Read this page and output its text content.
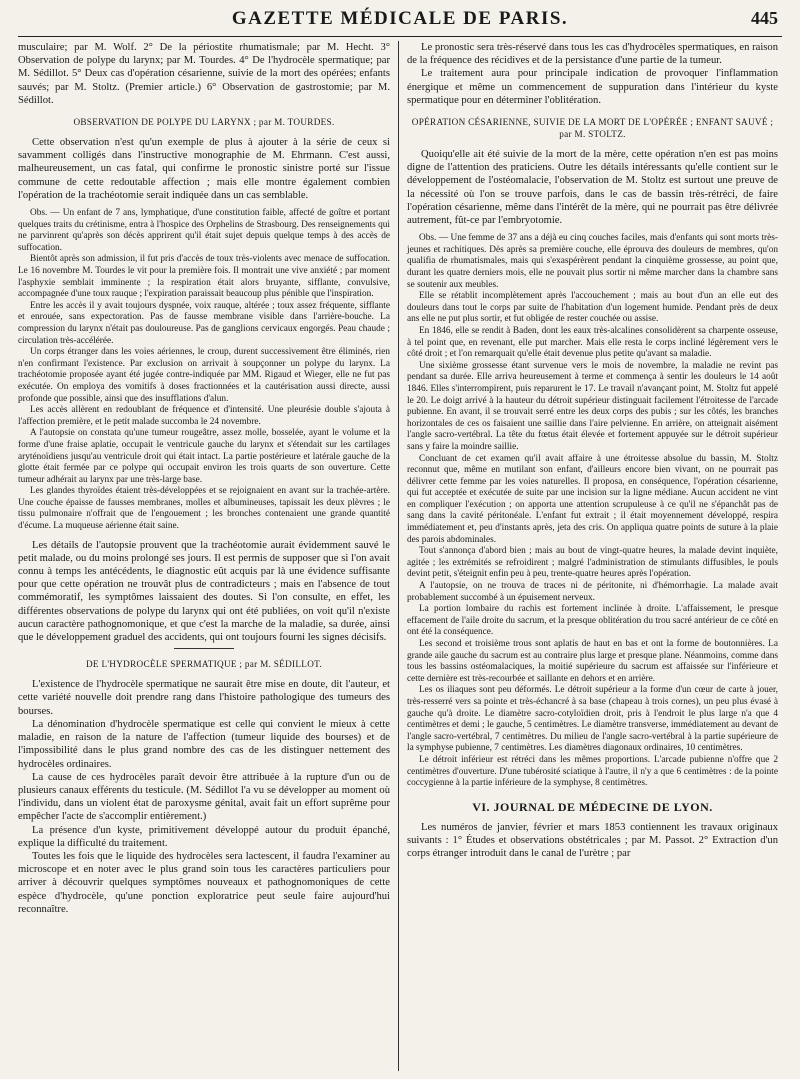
GAZETTE MÉDICALE DE PARIS.	445

musculaire; par M. Wolf. 2° De la périostite rhumatismale; par M. Hecht. 3° Observation de polype du larynx; par M. Tourdes. 4° De l'hydrocèle spermatique; par M. Sédillot. 5° Deux cas d'opération césarienne, suivie de la mort des opérées; enfants sauvés; par M. Stoltz. (Premier article.) 6° Observation de gastrostomie; par M. Sédillot.

OBSERVATION DE POLYPE DU LARYNX ; par M. TOURDES.

Cette observation n'est qu'un exemple de plus à ajouter à la série de ceux si savamment colligés dans l'instructive monographie de M. Ehrmann. C'est aussi, malheureusement, un cas fatal, qui confirme le pronostic sinistre porté sur l'issue commune de cette redoutable affection ; mais elle montre également combien l'opération de la trachéotomie serait indiquée dans un cas semblable.

Obs. — Un enfant de 7 ans, lymphatique, d'une constitution faible, affecté de goître et portant quelques traits du crétinisme, entra à l'hospice des Orphelins de Strasbourg. Des renseignements qui ne parvinrent qu'après son décès apprirent qu'il était sujet depuis quelque temps à des accès de suffocation.

Bientôt après son admission, il fut pris d'accès de toux très-violents avec menace de suffocation. Le 16 novembre M. Tourdes le vit pour la première fois. Il montrait une vive anxiété ; par moment l'asphyxie semblait imminente ; la respiration était alors bruyante, sifflante, convulsive, accompagnée d'une toux rauque ; l'expiration paraissait beaucoup plus pénible que l'inspiration.

Entre les accès il y avait toujours dyspnée, voix rauque, altérée ; toux assez fréquente, sifflante et enrouée, sans expectoration. Pas de fausse membrane visible dans l'arrière-bouche. La compression du larynx n'était pas douloureuse. Pas de ganglions cervicaux engorgés. Peau chaude ; circulation très-accélérée.

Un corps étranger dans les voies aériennes, le croup, durent successivement être éliminés, rien n'en confirmant l'existence. Par exclusion on arrivait à soupçonner un polype du larynx. La trachéotomie proposée ayant été jugée contre-indiquée par MM. Rigaud et Wieger, elle ne fut pas exécutée. On employa des vomitifs à doses fractionnées et la cautérisation aussi directe, aussi profonde que possible, ainsi que des insufflations d'alun.

Les accès allèrent en redoublant de fréquence et d'intensité. Une pleurésie double s'ajouta à l'affection première, et le petit malade succomba le 24 novembre.

A l'autopsie on constata qu'une tumeur rougeâtre, assez molle, bosselée, ayant le volume et la forme d'une fraise aplatie, occupait le ventricule gauche du larynx et s'étendait sur les cartilages aryténoïdiens jusqu'au ventricule droit qui était intact. La partie postérieure et latérale gauche de la glotte était fermée par ce polype qui occupait environ les trois quarts de son ouverture. Cette tumeur adhérait au larynx par une très-large base.

Les glandes thyroïdes étaient très-développées et se rejoignaient en avant sur la trachée-artère. Une couche épaisse de fausses membranes, molles et albumineuses, tapissait les deux plèvres ; le tissu pulmonaire n'offrait que de l'engouement ; les bronches contenaient une grande quantité d'écume. La muqueuse aérienne était saine.

Les détails de l'autopsie prouvent que la trachéotomie aurait évidemment sauvé le petit malade, ou du moins prolongé ses jours. Il est permis de supposer que si l'on avait connu à temps les antécédents, le diagnostic eût acquis par là une évidence suffisante pour que cette opération ne trouvât plus de contradicteurs ; mais en l'absence de tout commémoratif, les symptômes laissaient des doutes. Si l'on consulte, en effet, les différentes observations de polype du larynx qui ont été publiées, on voit qu'il n'existe aucun caractère pathognomonique, et que c'est la marche de la maladie, sa durée, ainsi que le développement graduel des accidents, qui ont toujours fourni les signes décisifs.

DE L'HYDROCÈLE SPERMATIQUE ; par M. SÉDILLOT.

L'existence de l'hydrocèle spermatique ne saurait être mise en doute, dit l'auteur, et cette variété nouvelle doit prendre rang dans l'histoire pathologique des tumeurs des bourses.

La dénomination d'hydrocèle spermatique est celle qui convient le mieux à cette maladie, en raison de la nature de l'affection (tumeur liquide des bourses) et de l'impossibilité dans le plus grand nombre des cas de les distinguer nettement des hydrocèles ordinaires.

La cause de ces hydrocèles paraît devoir être attribuée à la rupture d'un ou de plusieurs canaux efférents du testicule. (M. Sédillot l'a vu se développer au moment où l'individu, dans un violent état de paroxysme génital, avait fait un effort suprême pour empêcher l'acte de s'accomplir entièrement.)

La présence d'un kyste, primitivement développé autour du produit épanché, explique la difficulté du traitement.

Toutes les fois que le liquide des hydrocèles sera lactescent, il faudra l'examiner au microscope et en noter avec le plus grand soin tous les caractères particuliers pour arriver à découvrir quelques symptômes nouveaux et pathognomoniques de cette espèce d'hydrocèle, qu'une ponction exploratrice peut seule faire aujourd'hui reconnaître.

Le pronostic sera très-réservé dans tous les cas d'hydrocèles spermatiques, en raison de la fréquence des récidives et de la persistance d'une partie de la tumeur.

Le traitement aura pour principale indication de provoquer l'inflammation énergique et même un commencement de suppuration dans l'intérieur du kyste spermatique pour en déterminer l'oblitération.

OPÉRATION CÉSARIENNE, SUIVIE DE LA MORT DE L'OPÉRÉE ; ENFANT SAUVÉ ;
par M. STOLTZ.

Quoiqu'elle ait été suivie de la mort de la mère, cette opération n'en est pas moins digne de l'attention des praticiens. Outre les détails intéressants qu'elle contient sur le développement de l'ostéomalacie, l'observation de M. Stoltz est surtout une preuve de la nécessité où l'on se trouve parfois, dans le cas de bassin très-rétréci, de faire l'opération césarienne, même dans l'intérêt de la mère, qui ne pourrait pas être délivrée autrement, fût-ce par l'embryotomie.

Obs. — Une femme de 37 ans a déjà eu cinq couches faciles, mais d'enfants qui sont morts très-jeunes et rachitiques. Dès après sa première couche, elle éprouva des douleurs de membres, qu'on qualifia de rhumatismales, mais qui s'exaspérèrent pendant la cinquième grossesse, au point que, durant les quatre derniers mois, elle ne pouvait plus sortir ni même marcher dans la chambre sans se soutenir aux meubles.

Elle se rétablit incomplètement après l'accouchement ; mais au bout d'un an elle eut des douleurs dans tout le corps par suite de l'habitation d'un logement humide. Pendant près de deux ans elle ne put plus sortir, et fut obligée de rester couchée ou assise.

En 1846, elle se rendit à Baden, dont les eaux très-alcalines consolidèrent sa charpente osseuse, à tel point que, en revenant, elle put marcher. Mais elle resta le corps incliné légèrement vers le côté droit ; et l'on remarquait qu'elle était devenue plus petite qu'avant sa maladie.

Une sixième grossesse étant survenue vers le mois de novembre, la maladie ne revint pas pendant sa durée. Elle arriva heureusement à terme et commença à sentir les douleurs le 14 août 1846. Elles s'interrompirent, puis reparurent le 17. Le travail n'avançant point, M. Stoltz fut appelé le 20. Le doigt arrivé à la hauteur du détroit supérieur distinguait facilement l'étroitesse de l'arcade pubienne. En avant, il se trouvait serré entre les deux corps des pubis ; sur les côtés, les branches horizontales de ces os faisaient une saillie dans l'aire pelvienne. En arrière, on atteignait aisément l'angle sacro-vertébral. La tête du fœtus était élevée et fortement appuyée sur le détroit supérieur sans y faire la moindre saillie.

Concluant de cet examen qu'il avait affaire à une étroitesse absolue du bassin, M. Stoltz reconnut que, même en mutilant son enfant, d'ailleurs encore bien vivant, on ne pourrait pas délivrer cette femme par les voies naturelles. Il proposa, en conséquence, l'opération césarienne, qui fut acceptée et exécutée de suite par une incision sur la ligne médiane. Aucun accident ne vint en compliquer l'exécution ; on apporta une attention scrupuleuse à ce qu'il ne s'épanchât pas de sang dans la cavité péritonéale. L'enfant fut extrait ; il était moyennement développé, respira immédiatement et, peu d'instants après, jeta des cris. On appliqua quatre points de suture à la plaie des parois abdominales.

Tout s'annonça d'abord bien ; mais au bout de vingt-quatre heures, la malade devint inquiète, agitée ; les extrémités se refroidirent ; malgré l'administration de stimulants diffusibles, le pouls devint petit, s'éteignit enfin peu à peu, trente-quatre heures après l'opération.

A l'autopsie, on ne trouva de traces ni de péritonite, ni d'hémorrhagie. La malade avait probablement succombé à un épuisement nerveux.

La portion lombaire du rachis est fortement inclinée à droite. L'affaissement, le presque effacement de l'aile droite du sacrum, et la presque oblitération du trou sacré antérieur de ce côté en ont été la conséquence.

Les second et troisième trous sont aplatis de haut en bas et ont la forme de boutonnières. La grande aile gauche du sacrum est au contraire plus large et presque plane. Néanmoins, comme dans tous les bassins ostéomalaciques, la moitié supérieure du sacrum est affaissée sur l'inférieure et cette dernière est très-recourbée et saillante en dehors et en arrière.

Les os iliaques sont peu déformés. Le détroit supérieur a la forme d'un cœur de carte à jouer, très-resserré vers sa pointe et très-échancré à sa base (chapeau à trois cornes), un peu plus évasé à gauche qu'à droite. Le diamètre sacro-cotyloïdien droit, pris à l'endroit le plus large n'a que 4 centimètres et demi ; le gauche, 5 centimètres. Le diamètre transverse, immédiatement au devant de l'angle sacro-vertébral, 7 centimètres. Du milieu de l'angle sacro-vertébral à la partie supérieure de la symphyse pubienne, 7 centimètres. Les diamètres diagonaux ordinaires, 10 centimètres.

Le détroit inférieur est rétréci dans les mêmes proportions. L'arcade pubienne n'offre que 2 centimètres d'ouverture. D'une tubérosité sciatique à l'autre, il n'y a que 6 centimètres : de la pointe coccygienne à la partie inférieure de la symphyse, 8 centimètres.

VI. JOURNAL DE MÉDECINE DE LYON.

Les numéros de janvier, février et mars 1853 contiennent les travaux originaux suivants : 1° Études et observations obstétricales ; par M. Passot. 2° Extraction d'un corps étranger introduit dans le canal de l'urètre ; par
